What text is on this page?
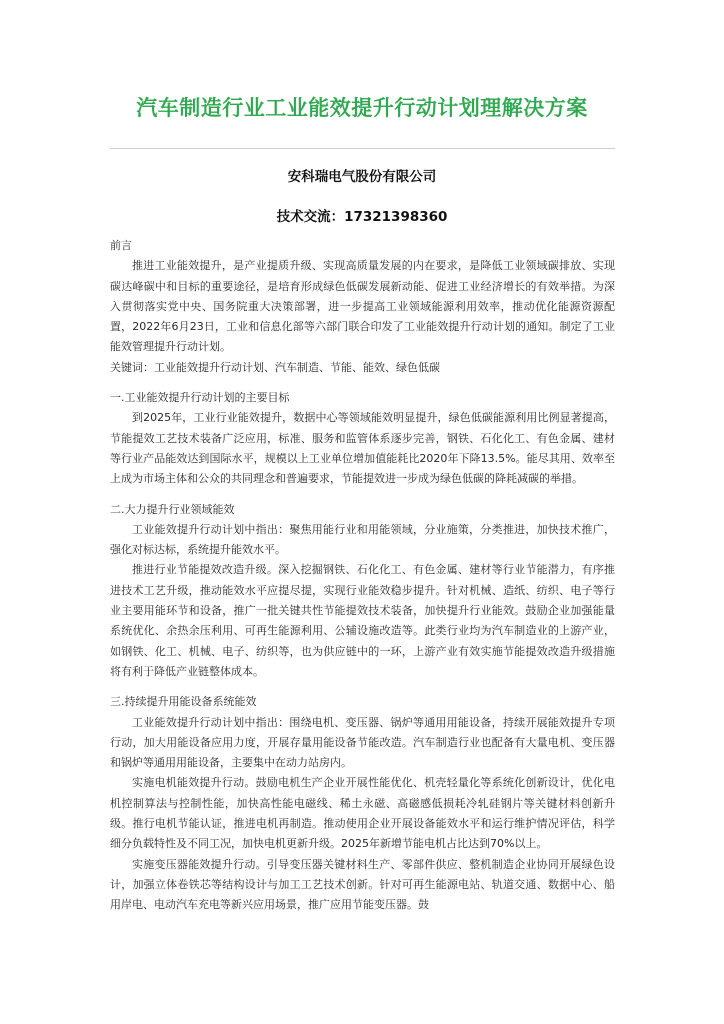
汽车制造行业工业能效提升行动计划理解决方案
安科瑞电气股份有限公司
技术交流：17321398360

前言

推进工业能效提升，是产业提质升级、实现高质量发展的内在要求，是降低工业领域碳排放、实现碳达峰碳中和目标的重要途径，是培育形成绿色低碳发展新动能、促进工业经济增长的有效举措。为深入贯彻落实党中央、国务院重大决策部署，进一步提高工业领域能源利用效率，推动优化能源资源配置，2022年6月23日，工业和信息化部等六部门联合印发了工业能效提升行动计划的通知。制定了工业能效管理提升行动计划。

关键词：工业能效提升行动计划、汽车制造、节能、能效、绿色低碳

一.工业能效提升行动计划的主要目标

到2025年，工业行业能效提升，数据中心等领域能效明显提升，绿色低碳能源利用比例显著提高，节能提效工艺技术装备广泛应用，标准、服务和监管体系逐步完善，钢铁、石化化工、有色金属、建材等行业产品能效达到国际水平，规模以上工业单位增加值能耗比2020年下降13.5%。能尽其用、效率至上成为市场主体和公众的共同理念和普遍要求，节能提效进一步成为绿色低碳的降耗减碳的举措。

二.大力提升行业领域能效

工业能效提升行动计划中指出：聚焦用能行业和用能领域，分业施策，分类推进，加快技术推广，强化对标达标，系统提升能效水平。

推进行业节能提效改造升级。深入挖掘钢铁、石化化工、有色金属、建材等行业节能潜力，有序推进技术工艺升级，推动能效水平应提尽提，实现行业能效稳步提升。针对机械、造纸、纺织、电子等行业主要用能环节和设备，推广一批关键共性节能提效技术装备，加快提升行业能效。鼓励企业加强能量系统优化、余热余压利用、可再生能源利用、公辅设施改造等。此类行业均为汽车制造业的上游产业，如钢铁、化工、机械、电子、纺织等，也为供应链中的一环，上游产业有效实施节能提效改造升级措施将有利于降低产业链整体成本。

三.持续提升用能设备系统能效

工业能效提升行动计划中指出：围绕电机、变压器、锅炉等通用用能设备，持续开展能效提升专项行动，加大用能设备应用力度，开展存量用能设备节能改造。汽车制造行业也配备有大量电机、变压器和锅炉等通用用能设备，主要集中在动力站房内。

实施电机能效提升行动。鼓励电机生产企业开展性能优化、机壳轻量化等系统化创新设计，优化电机控制算法与控制性能，加快高性能电磁线、稀土永磁、高磁感低损耗冷轧硅钢片等关键材料创新升级。推行电机节能认证，推进电机再制造。推动使用企业开展设备能效水平和运行维护情况评估，科学细分负载特性及不同工况，加快电机更新升级。2025年新增节能电机占比达到70%以上。

实施变压器能效提升行动。引导变压器关键材料生产、零部件供应、整机制造企业协同开展绿色设计，加强立体卷铁芯等结构设计与加工工艺技术创新。针对可再生能源电站、轨道交通、数据中心、船用岸电、电动汽车充电等新兴应用场景，推广应用节能变压器。鼓
